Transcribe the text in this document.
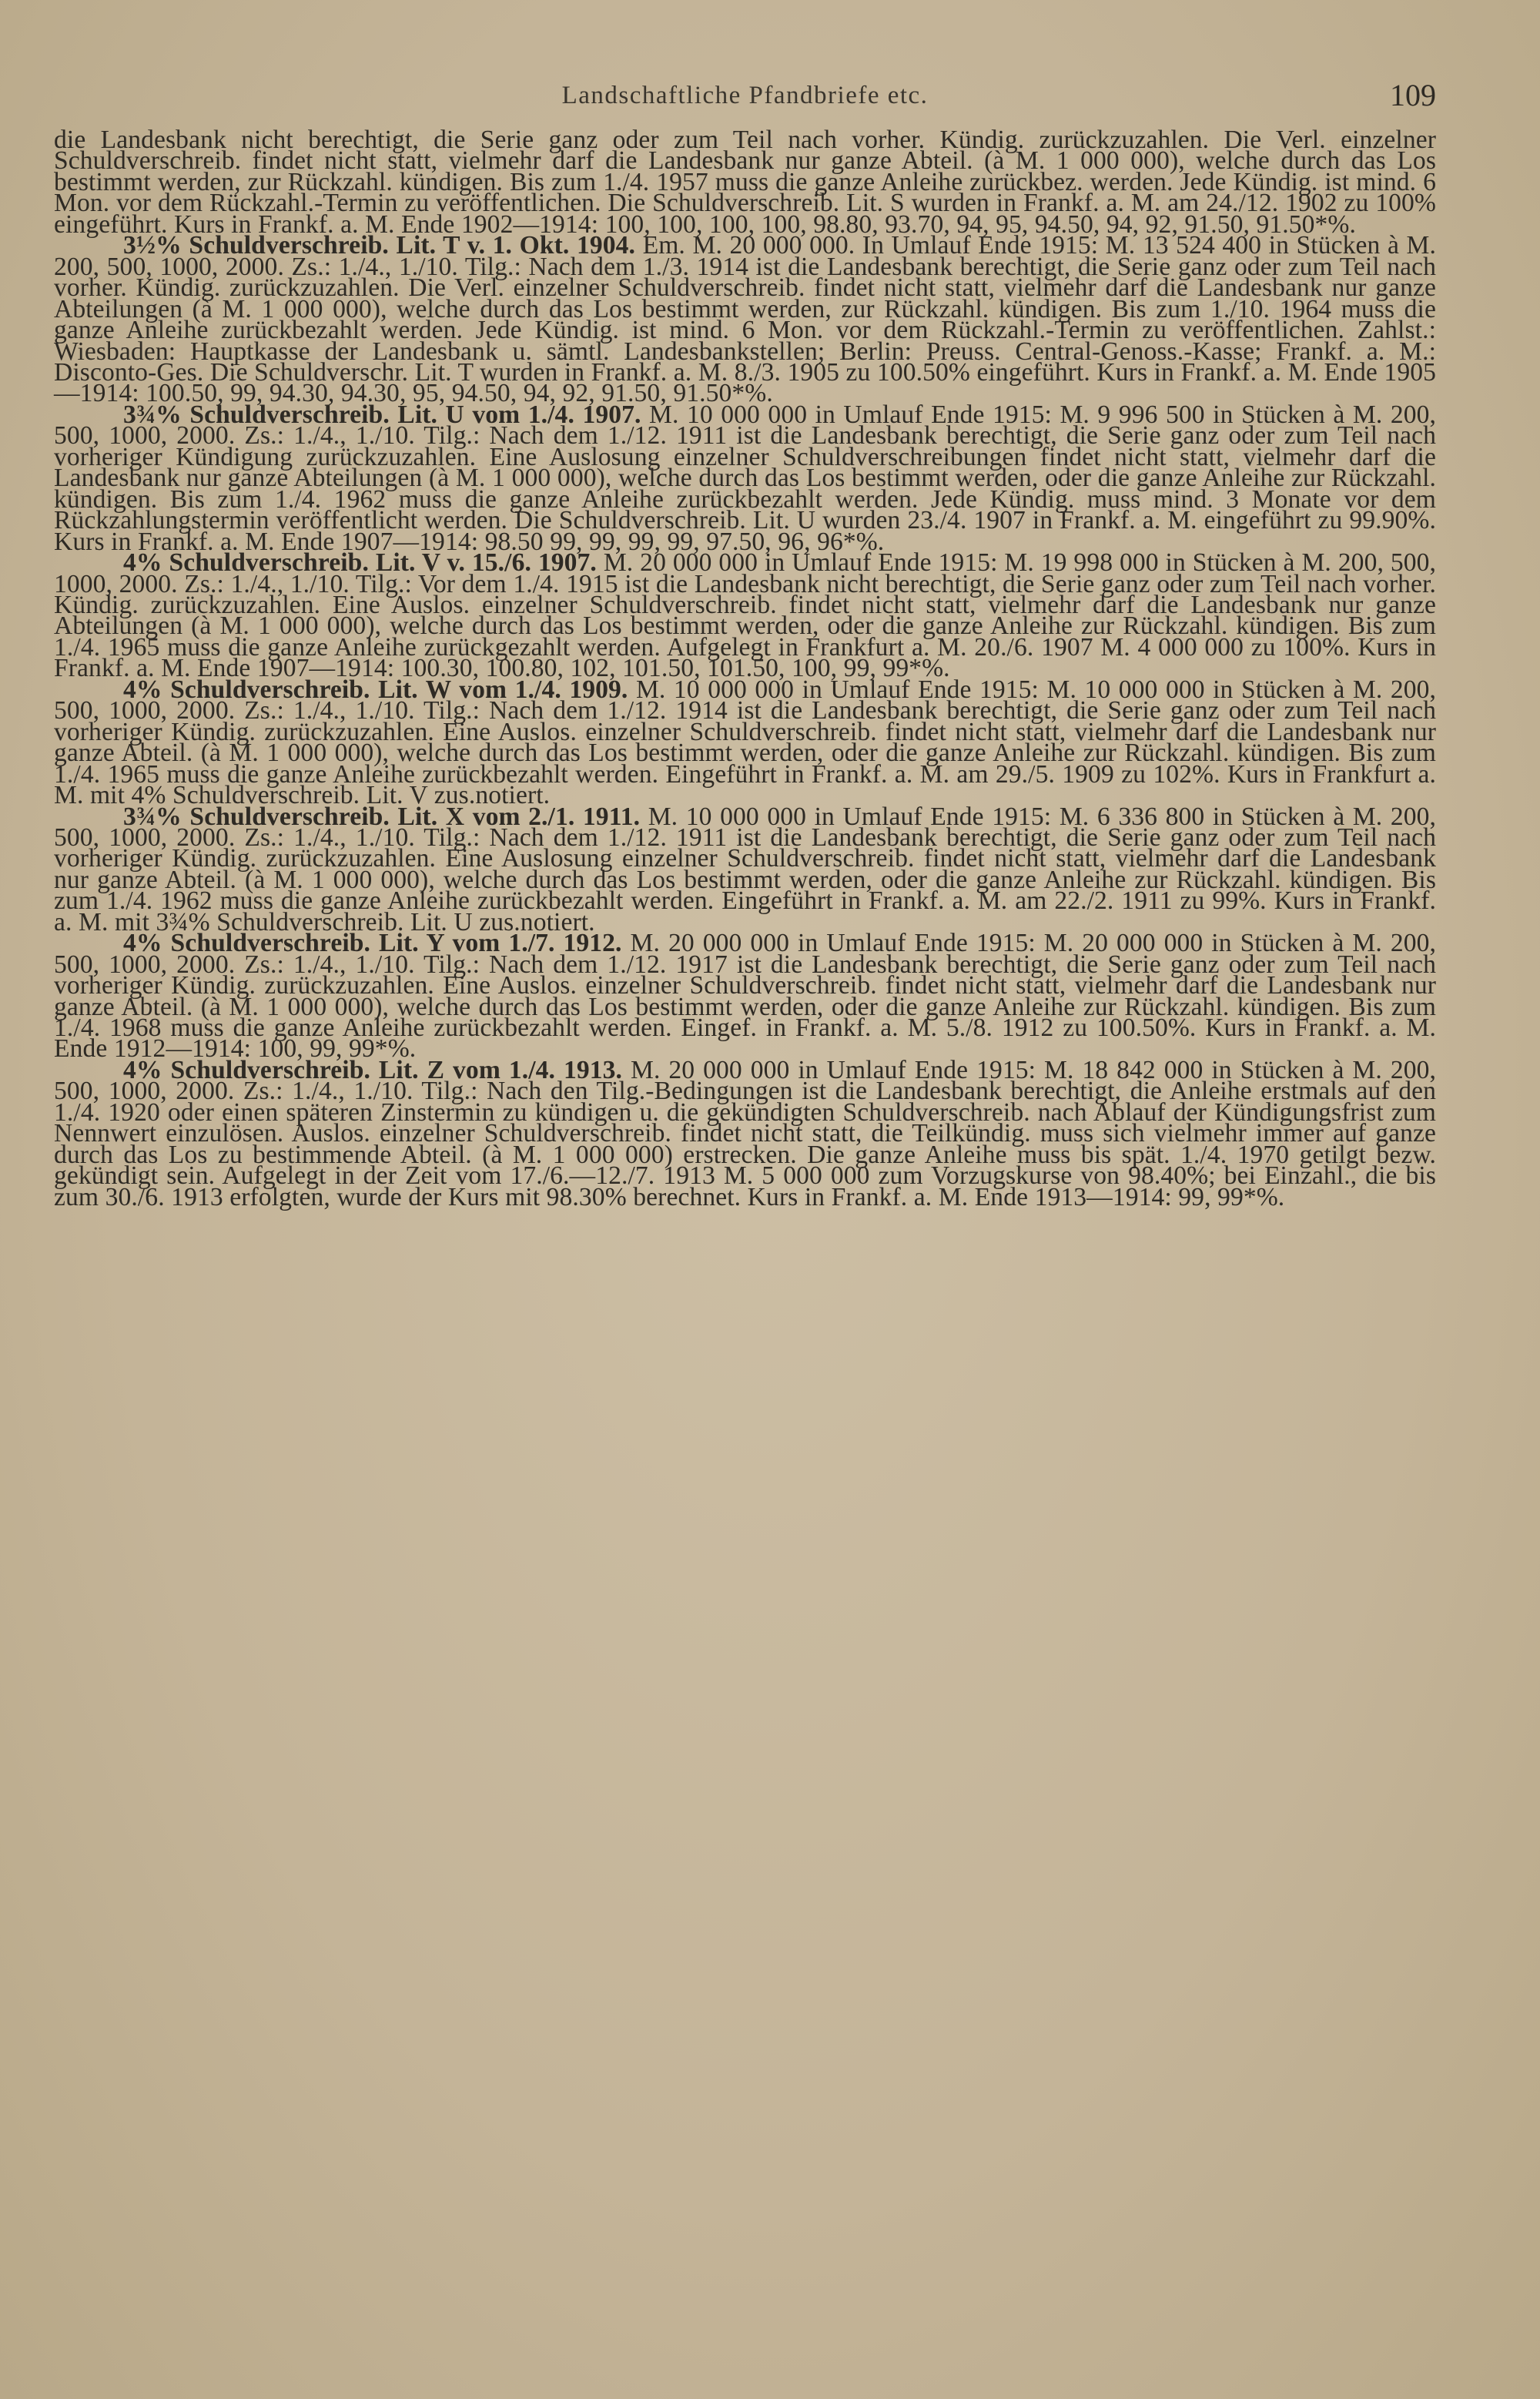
Landschaftliche Pfandbriefe etc.	109

die Landesbank nicht berechtigt, die Serie ganz oder zum Teil nach vorher. Kündig. zurückzuzahlen. Die Verl. einzelner Schuldverschreib. findet nicht statt, vielmehr darf die Landesbank nur ganze Abteil. (à M. 1 000 000), welche durch das Los bestimmt werden, zur Rückzahl. kündigen. Bis zum 1./4. 1957 muss die ganze Anleihe zurückbez. werden. Jede Kündig. ist mind. 6 Mon. vor dem Rückzahl.-Termin zu veröffentlichen. Die Schuldverschreib. Lit. S wurden in Frankf. a. M. am 24./12. 1902 zu 100% eingeführt. Kurs in Frankf. a. M. Ende 1902—1914: 100, 100, 100, 100, 98.80, 93.70, 94, 95, 94.50, 94, 92, 91.50, 91.50*%.

3½% Schuldverschreib. Lit. T v. 1. Okt. 1904. Em. M. 20 000 000. In Umlauf Ende 1915: M. 13 524 400 in Stücken à M. 200, 500, 1000, 2000. Zs.: 1./4., 1./10. Tilg.: Nach dem 1./3. 1914 ist die Landesbank berechtigt, die Serie ganz oder zum Teil nach vorher. Kündig. zurückzuzahlen. Die Verl. einzelner Schuldverschreib. findet nicht statt, vielmehr darf die Landesbank nur ganze Abteilungen (à M. 1 000 000), welche durch das Los bestimmt werden, zur Rückzahl. kündigen. Bis zum 1./10. 1964 muss die ganze Anleihe zurückbezahlt werden. Jede Kündig. ist mind. 6 Mon. vor dem Rückzahl.-Termin zu veröffentlichen. Zahlst.: Wiesbaden: Hauptkasse der Landesbank u. sämtl. Landesbankstellen; Berlin: Preuss. Central-Genoss.-Kasse; Frankf. a. M.: Disconto-Ges. Die Schuldverschr. Lit. T wurden in Frankf. a. M. 8./3. 1905 zu 100.50% eingeführt. Kurs in Frankf. a. M. Ende 1905—1914: 100.50, 99, 94.30, 94.30, 95, 94.50, 94, 92, 91.50, 91.50*%.

3¾% Schuldverschreib. Lit. U vom 1./4. 1907. M. 10 000 000 in Umlauf Ende 1915: M. 9 996 500 in Stücken à M. 200, 500, 1000, 2000. Zs.: 1./4., 1./10. Tilg.: Nach dem 1./12. 1911 ist die Landesbank berechtigt, die Serie ganz oder zum Teil nach vorheriger Kündigung zurückzuzahlen. Eine Auslosung einzelner Schuldverschreibungen findet nicht statt, vielmehr darf die Landesbank nur ganze Abteilungen (à M. 1 000 000), welche durch das Los bestimmt werden, oder die ganze Anleihe zur Rückzahl. kündigen. Bis zum 1./4. 1962 muss die ganze Anleihe zurückbezahlt werden. Jede Kündig. muss mind. 3 Monate vor dem Rückzahlungstermin veröffentlicht werden. Die Schuldverschreib. Lit. U wurden 23./4. 1907 in Frankf. a. M. eingeführt zu 99.90%. Kurs in Frankf. a. M. Ende 1907—1914: 98.50 99, 99, 99, 99, 97.50, 96, 96*%.

4% Schuldverschreib. Lit. V v. 15./6. 1907. M. 20 000 000 in Umlauf Ende 1915: M. 19 998 000 in Stücken à M. 200, 500, 1000, 2000. Zs.: 1./4., 1./10. Tilg.: Vor dem 1./4. 1915 ist die Landesbank nicht berechtigt, die Serie ganz oder zum Teil nach vorher. Kündig. zurückzuzahlen. Eine Auslos. einzelner Schuldverschreib. findet nicht statt, vielmehr darf die Landesbank nur ganze Abteilungen (à M. 1 000 000), welche durch das Los bestimmt werden, oder die ganze Anleihe zur Rückzahl. kündigen. Bis zum 1./4. 1965 muss die ganze Anleihe zurückgezahlt werden. Aufgelegt in Frankfurt a. M. 20./6. 1907 M. 4 000 000 zu 100%. Kurs in Frankf. a. M. Ende 1907—1914: 100.30, 100.80, 102, 101.50, 101.50, 100, 99, 99*%.

4% Schuldverschreib. Lit. W vom 1./4. 1909. M. 10 000 000 in Umlauf Ende 1915: M. 10 000 000 in Stücken à M. 200, 500, 1000, 2000. Zs.: 1./4., 1./10. Tilg.: Nach dem 1./12. 1914 ist die Landesbank berechtigt, die Serie ganz oder zum Teil nach vorheriger Kündig. zurückzuzahlen. Eine Auslos. einzelner Schuldverschreib. findet nicht statt, vielmehr darf die Landesbank nur ganze Abteil. (à M. 1 000 000), welche durch das Los bestimmt werden, oder die ganze Anleihe zur Rückzahl. kündigen. Bis zum 1./4. 1965 muss die ganze Anleihe zurückbezahlt werden. Eingeführt in Frankf. a. M. am 29./5. 1909 zu 102%. Kurs in Frankfurt a. M. mit 4% Schuldverschreib. Lit. V zus.notiert.

3¾% Schuldverschreib. Lit. X vom 2./1. 1911. M. 10 000 000 in Umlauf Ende 1915: M. 6 336 800 in Stücken à M. 200, 500, 1000, 2000. Zs.: 1./4., 1./10. Tilg.: Nach dem 1./12. 1911 ist die Landesbank berechtigt, die Serie ganz oder zum Teil nach vorheriger Kündig. zurückzuzahlen. Eine Auslosung einzelner Schuldverschreib. findet nicht statt, vielmehr darf die Landesbank nur ganze Abteil. (à M. 1 000 000), welche durch das Los bestimmt werden, oder die ganze Anleihe zur Rückzahl. kündigen. Bis zum 1./4. 1962 muss die ganze Anleihe zurückbezahlt werden. Eingeführt in Frankf. a. M. am 22./2. 1911 zu 99%. Kurs in Frankf. a. M. mit 3¾% Schuldverschreib. Lit. U zus.notiert.

4% Schuldverschreib. Lit. Y vom 1./7. 1912. M. 20 000 000 in Umlauf Ende 1915: M. 20 000 000 in Stücken à M. 200, 500, 1000, 2000. Zs.: 1./4., 1./10. Tilg.: Nach dem 1./12. 1917 ist die Landesbank berechtigt, die Serie ganz oder zum Teil nach vorheriger Kündig. zurückzuzahlen. Eine Auslos. einzelner Schuldverschreib. findet nicht statt, vielmehr darf die Landesbank nur ganze Abteil. (à M. 1 000 000), welche durch das Los bestimmt werden, oder die ganze Anleihe zur Rückzahl. kündigen. Bis zum 1./4. 1968 muss die ganze Anleihe zurückbezahlt werden. Eingef. in Frankf. a. M. 5./8. 1912 zu 100.50%. Kurs in Frankf. a. M. Ende 1912—1914: 100, 99, 99*%.

4% Schuldverschreib. Lit. Z vom 1./4. 1913. M. 20 000 000 in Umlauf Ende 1915: M. 18 842 000 in Stücken à M. 200, 500, 1000, 2000. Zs.: 1./4., 1./10. Tilg.: Nach den Tilg.-Bedingungen ist die Landesbank berechtigt, die Anleihe erstmals auf den 1./4. 1920 oder einen späteren Zinstermin zu kündigen u. die gekündigten Schuldverschreib. nach Ablauf der Kündigungsfrist zum Nennwert einzulösen. Auslos. einzelner Schuldverschreib. findet nicht statt, die Teilkündig. muss sich vielmehr immer auf ganze durch das Los zu bestimmende Abteil. (à M. 1 000 000) erstrecken. Die ganze Anleihe muss bis spät. 1./4. 1970 getilgt bezw. gekündigt sein. Aufgelegt in der Zeit vom 17./6.—12./7. 1913 M. 5 000 000 zum Vorzugskurse von 98.40%; bei Einzahl., die bis zum 30./6. 1913 erfolgten, wurde der Kurs mit 98.30% berechnet. Kurs in Frankf. a. M. Ende 1913—1914: 99, 99*%.
